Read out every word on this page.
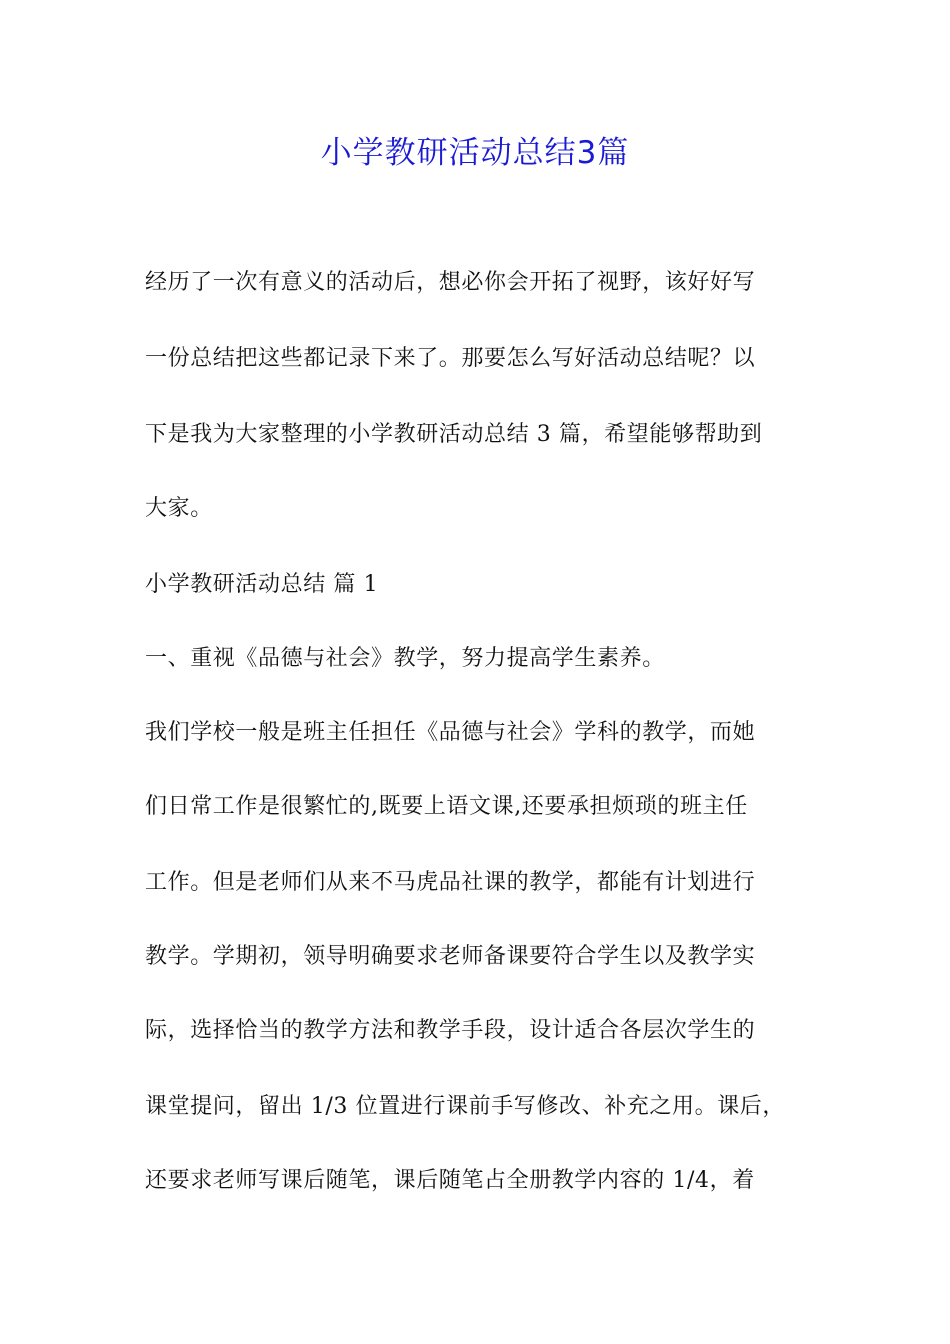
小学教研活动总结3篇
经历了一次有意义的活动后，想必你会开拓了视野，该好好写
一份总结把这些都记录下来了。那要怎么写好活动总结呢？以
下是我为大家整理的小学教研活动总结 3 篇，希望能够帮助到
大家。
小学教研活动总结 篇 1
一、重视《品德与社会》教学，努力提高学生素养。
我们学校一般是班主任担任《品德与社会》学科的教学，而她
们日常工作是很繁忙的,既要上语文课,还要承担烦琐的班主任
工作。但是老师们从来不马虎品社课的教学，都能有计划进行
教学。学期初，领导明确要求老师备课要符合学生以及教学实
际，选择恰当的教学方法和教学手段，设计适合各层次学生的
课堂提问，留出 1/3 位置进行课前手写修改、补充之用。课后，
还要求老师写课后随笔，课后随笔占全册教学内容的 1/4，着
